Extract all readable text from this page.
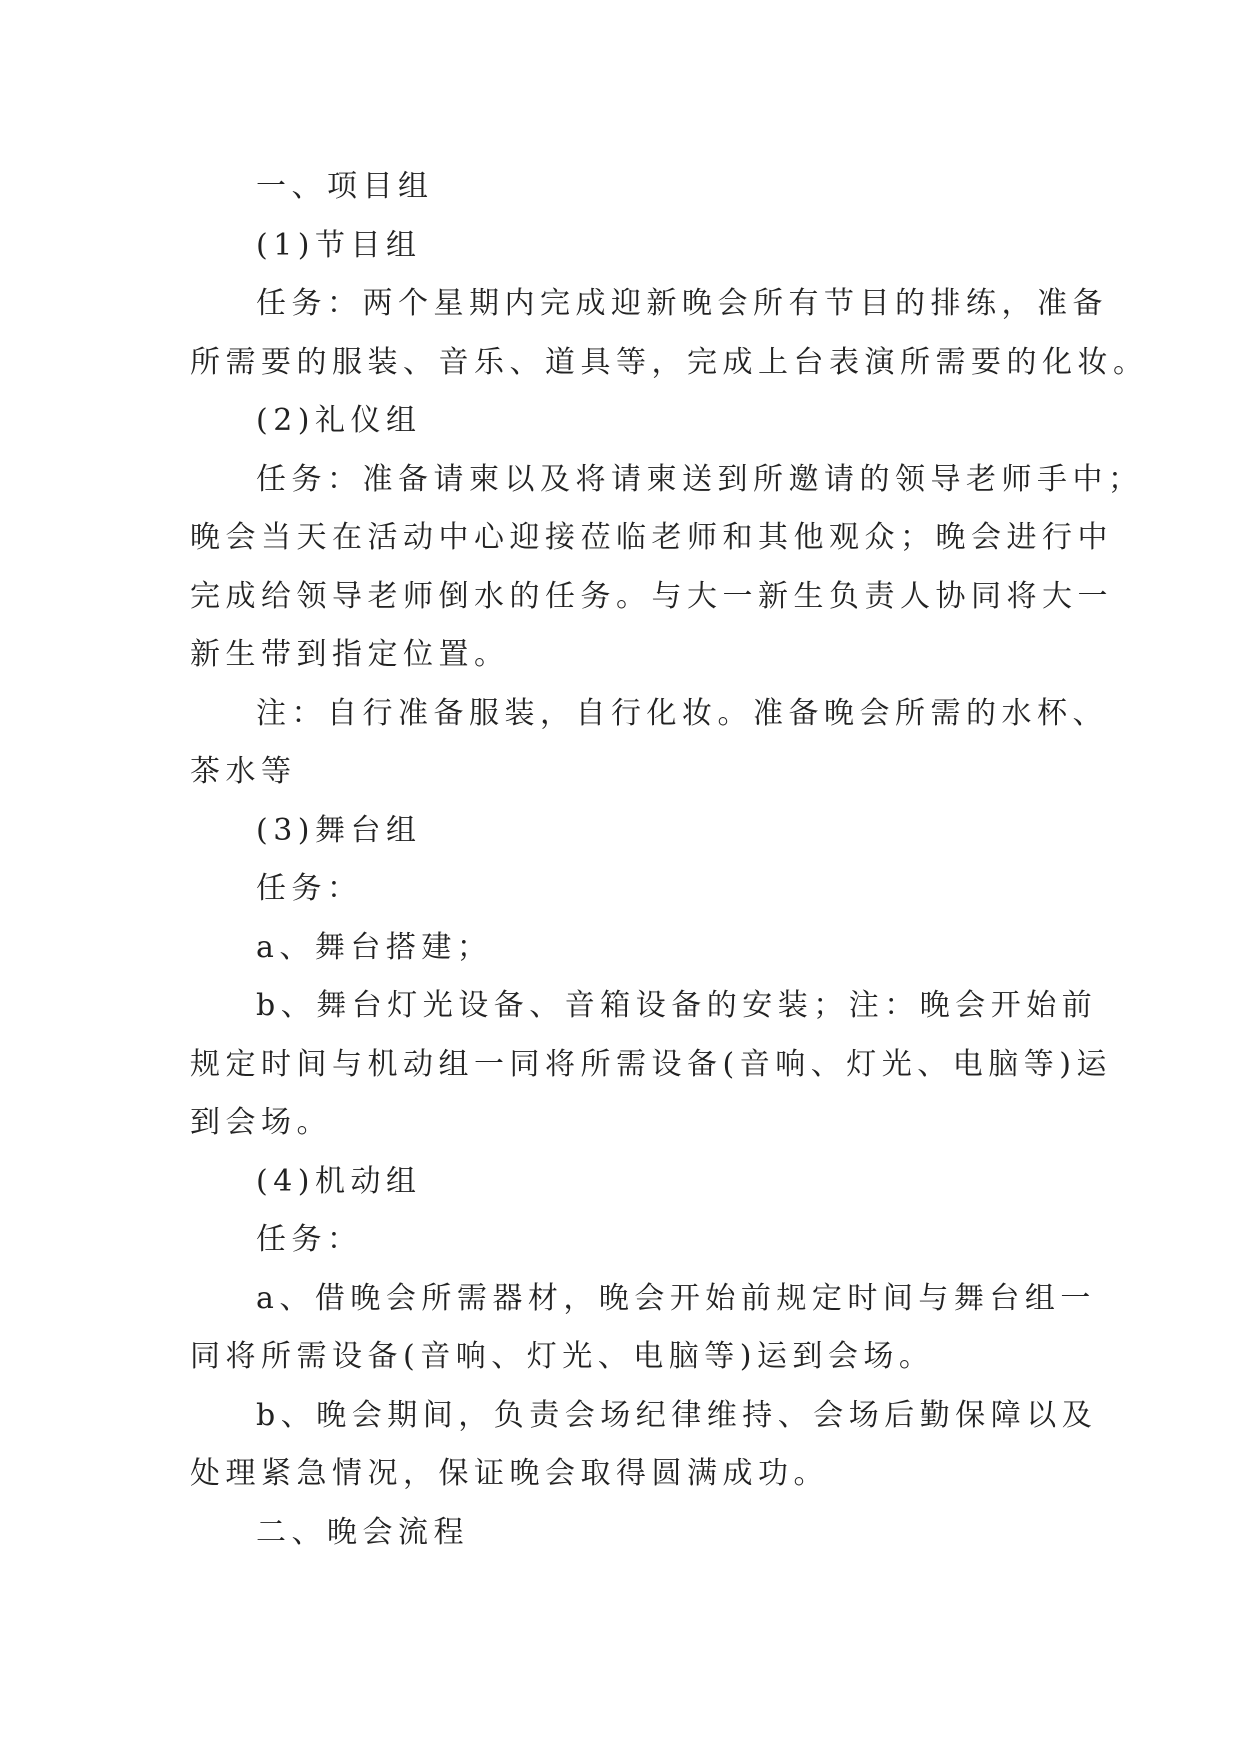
一、项目组
(1)节目组
任务：两个星期内完成迎新晚会所有节目的排练，准备
所需要的服装、音乐、道具等，完成上台表演所需要的化妆。
(2)礼仪组
任务：准备请柬以及将请柬送到所邀请的领导老师手中；
晚会当天在活动中心迎接莅临老师和其他观众；晚会进行中
完成给领导老师倒水的任务。与大一新生负责人协同将大一
新生带到指定位置。
注：自行准备服装，自行化妆。准备晚会所需的水杯、
茶水等
(3)舞台组
任务：
a、舞台搭建；
b、舞台灯光设备、音箱设备的安装；注：晚会开始前
规定时间与机动组一同将所需设备(音响、灯光、电脑等)运
到会场。
(4)机动组
任务：
a、借晚会所需器材，晚会开始前规定时间与舞台组一
同将所需设备(音响、灯光、电脑等)运到会场。
b、晚会期间，负责会场纪律维持、会场后勤保障以及
处理紧急情况，保证晚会取得圆满成功。
二、晚会流程
